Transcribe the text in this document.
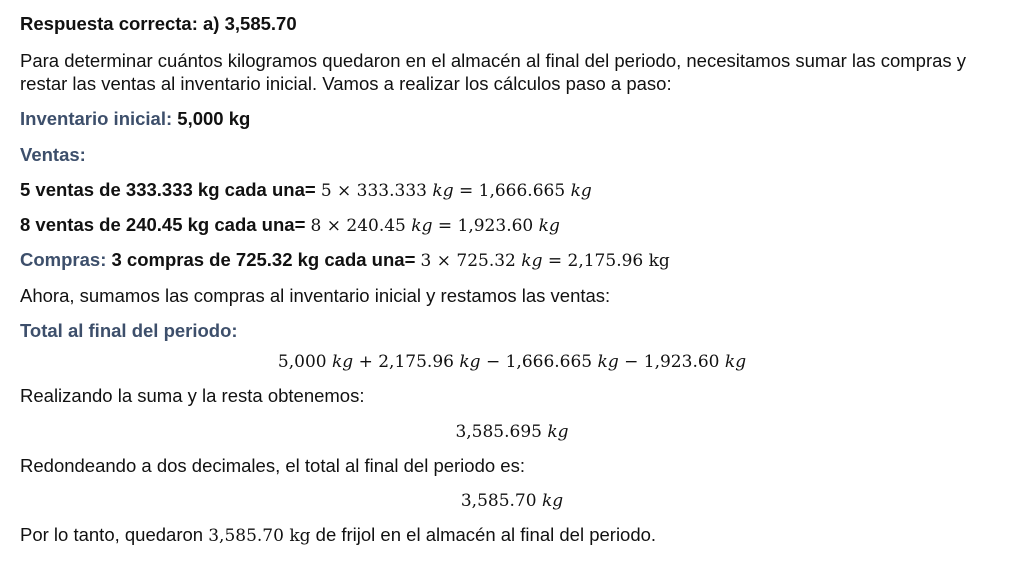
Respuesta correcta: a) 3,585.70
Para determinar cuántos kilogramos quedaron en el almacén al final del periodo, necesitamos sumar las compras y restar las ventas al inventario inicial. Vamos a realizar los cálculos paso a paso:
Inventario inicial: 5,000 kg
Ventas:
5 ventas de 333.333 kg cada una= 5 × 333.333 kg = 1,666.665 kg
8 ventas de 240.45 kg cada una= 8 × 240.45 kg = 1,923.60 kg
Compras: 3 compras de 725.32 kg cada una= 3 × 725.32 kg = 2,175.96 kg
Ahora, sumamos las compras al inventario inicial y restamos las ventas:
Total al final del periodo:
5,000 kg + 2,175.96 kg − 1,666.665 kg − 1,923.60 kg
Realizando la suma y la resta obtenemos:
3,585.695 kg
Redondeando a dos decimales, el total al final del periodo es:
3,585.70 kg
Por lo tanto, quedaron 3,585.70 kg de frijol en el almacén al final del periodo.
